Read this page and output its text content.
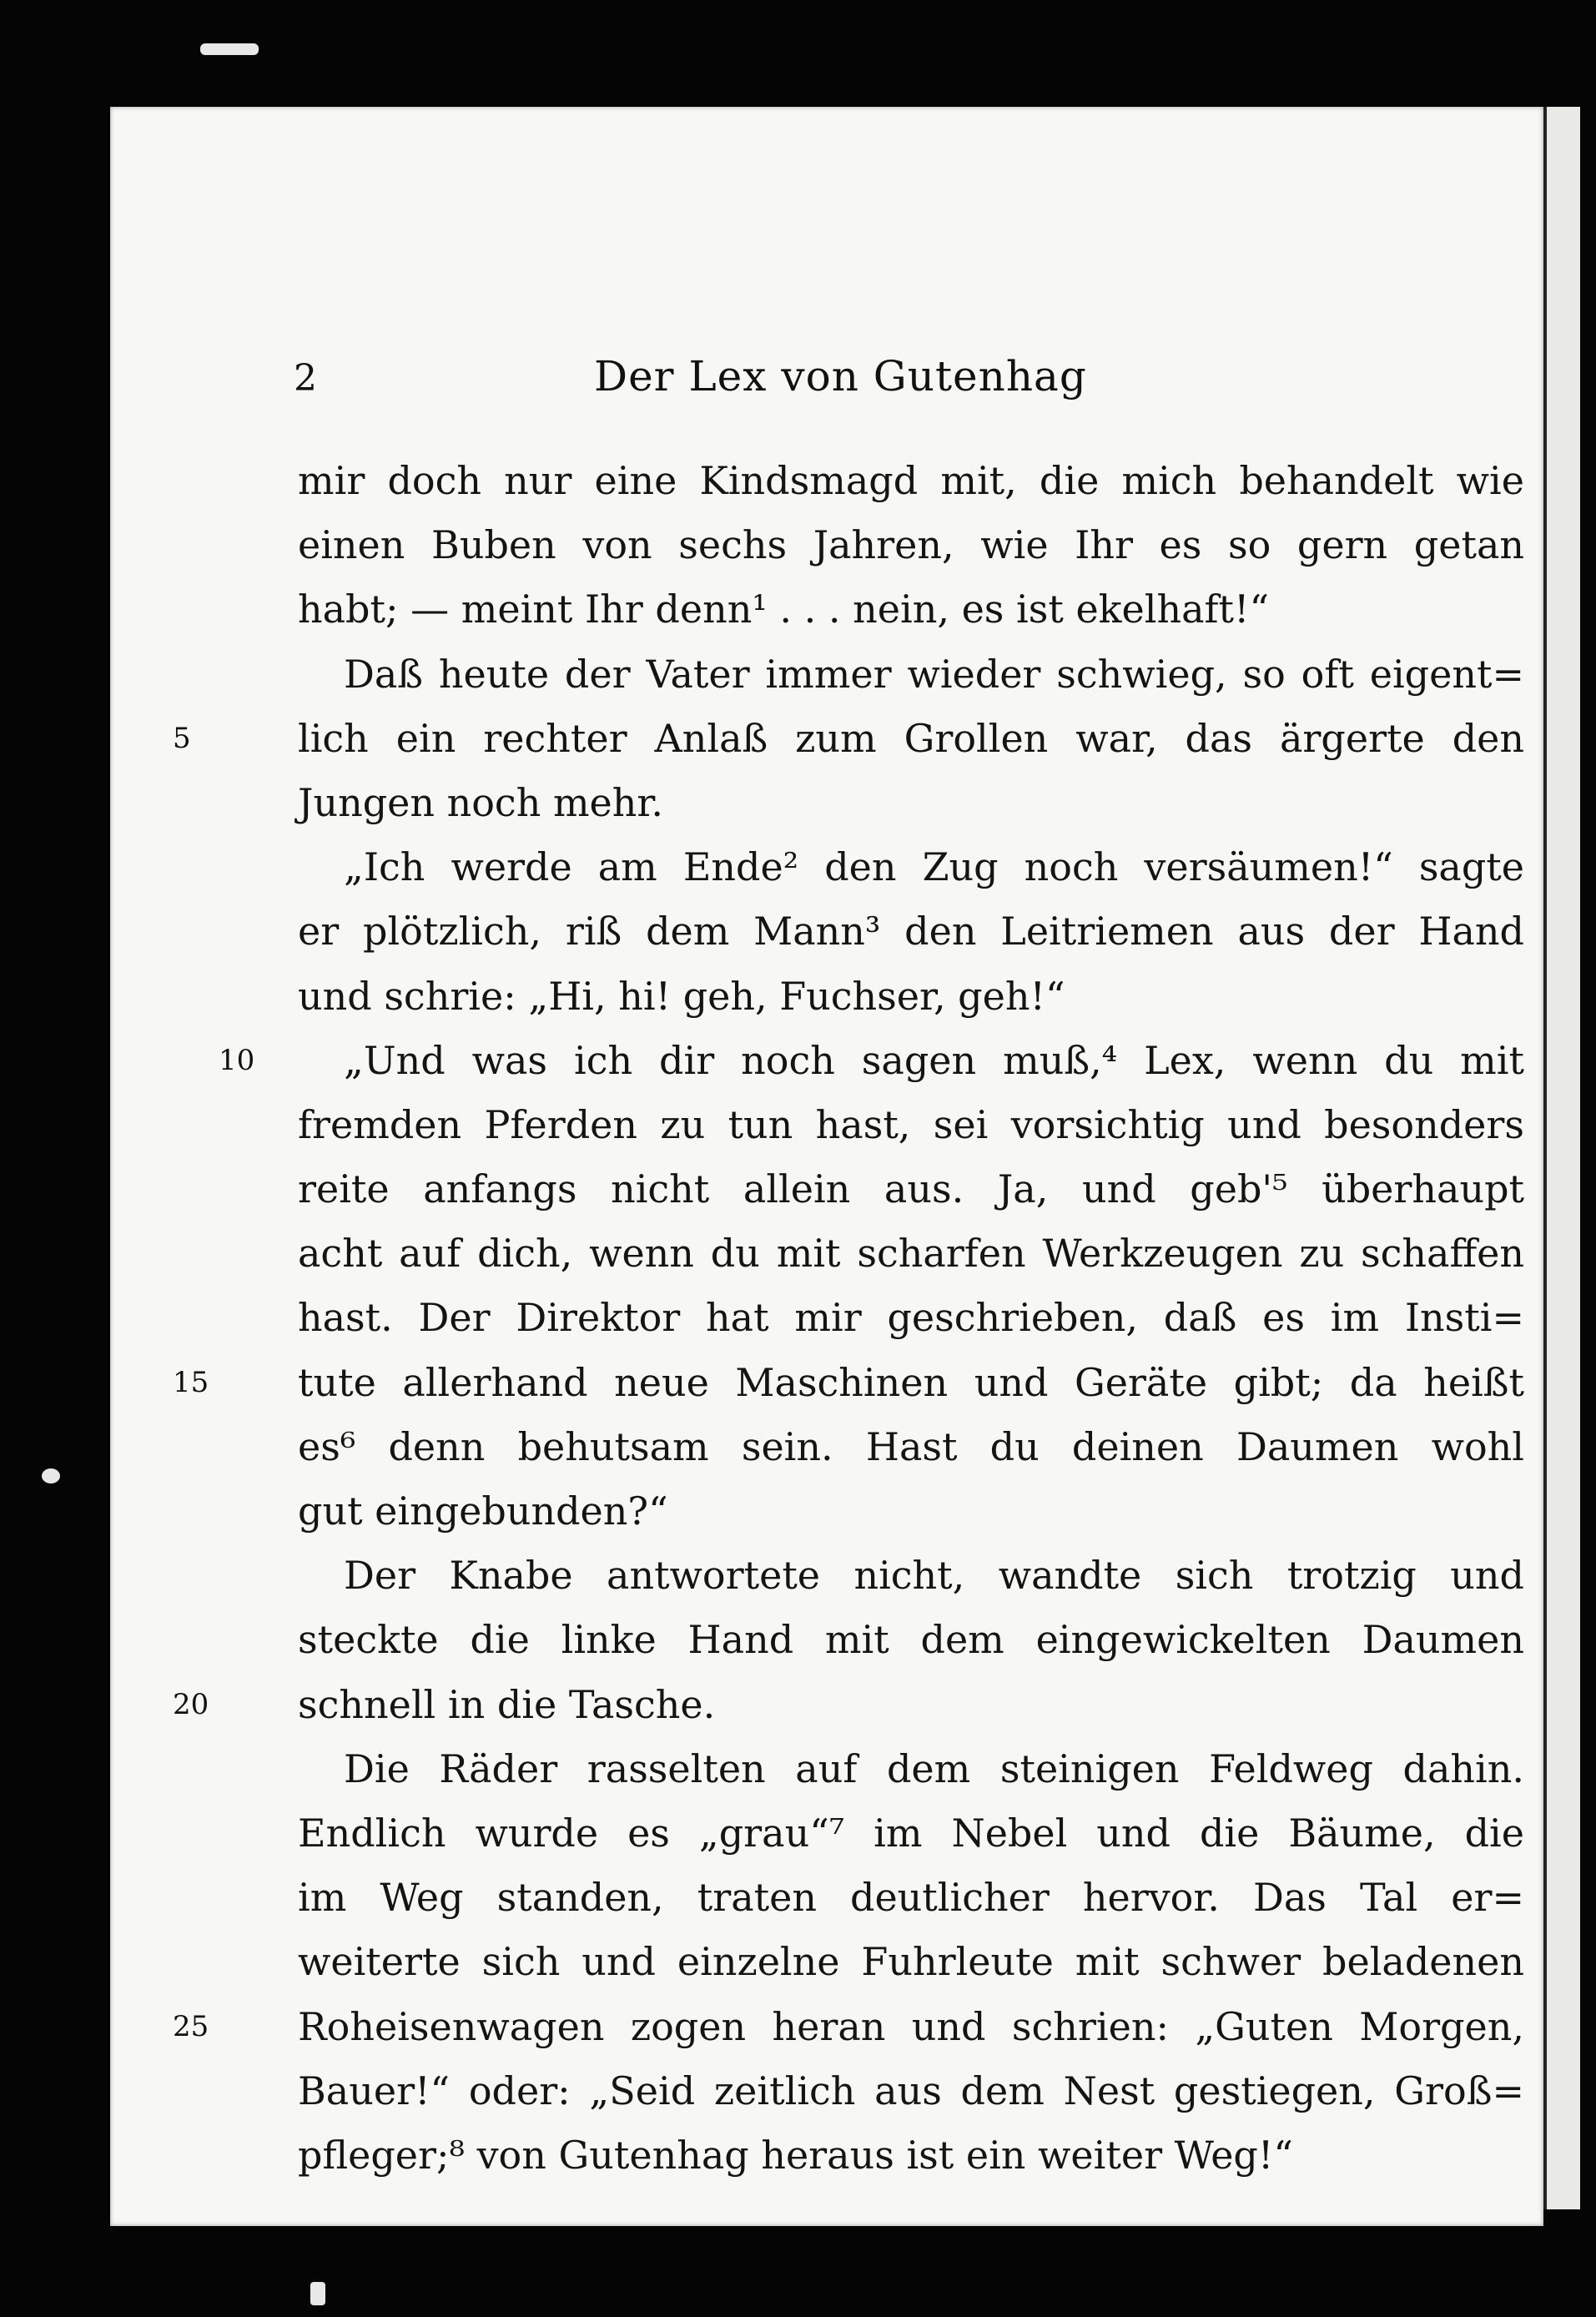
2	Der Lex von Gutenhag
mir doch nur eine Kindsmagd mit, die mich behandelt wie
einen Buben von sechs Jahren, wie Ihr es so gern getan
habt; — meint Ihr denn¹ . . . nein, es ist ekelhaft!“
Daß heute der Vater immer wieder schwieg, so oft eigent=
5	lich ein rechter Anlaß zum Grollen war, das ärgerte den
Jungen noch mehr.
„Ich werde am Ende² den Zug noch versäumen!“ sagte
er plötzlich, riß dem Mann³ den Leitriemen aus der Hand
und schrie: „Hi, hi! geh, Fuchser, geh!“
10	„Und was ich dir noch sagen muß,⁴ Lex, wenn du mit
fremden Pferden zu tun hast, sei vorsichtig und besonders
reite anfangs nicht allein aus. Ja, und geb'⁵ überhaupt
acht auf dich, wenn du mit scharfen Werkzeugen zu schaffen
hast. Der Direktor hat mir geschrieben, daß es im Insti=
15	tute allerhand neue Maschinen und Geräte gibt; da heißt
es⁶ denn behutsam sein. Hast du deinen Daumen wohl
gut eingebunden?“
Der Knabe antwortete nicht, wandte sich trotzig und
steckte die linke Hand mit dem eingewickelten Daumen
20	schnell in die Tasche.
Die Räder rasselten auf dem steinigen Feldweg dahin.
Endlich wurde es „grau“⁷ im Nebel und die Bäume, die
im Weg standen, traten deutlicher hervor. Das Tal er=
weiterte sich und einzelne Fuhrleute mit schwer beladenen
25	Roheisenwagen zogen heran und schrien: „Guten Morgen,
Bauer!“ oder: „Seid zeitlich aus dem Nest gestiegen, Groß=
pfleger;⁸ von Gutenhag heraus ist ein weiter Weg!“
